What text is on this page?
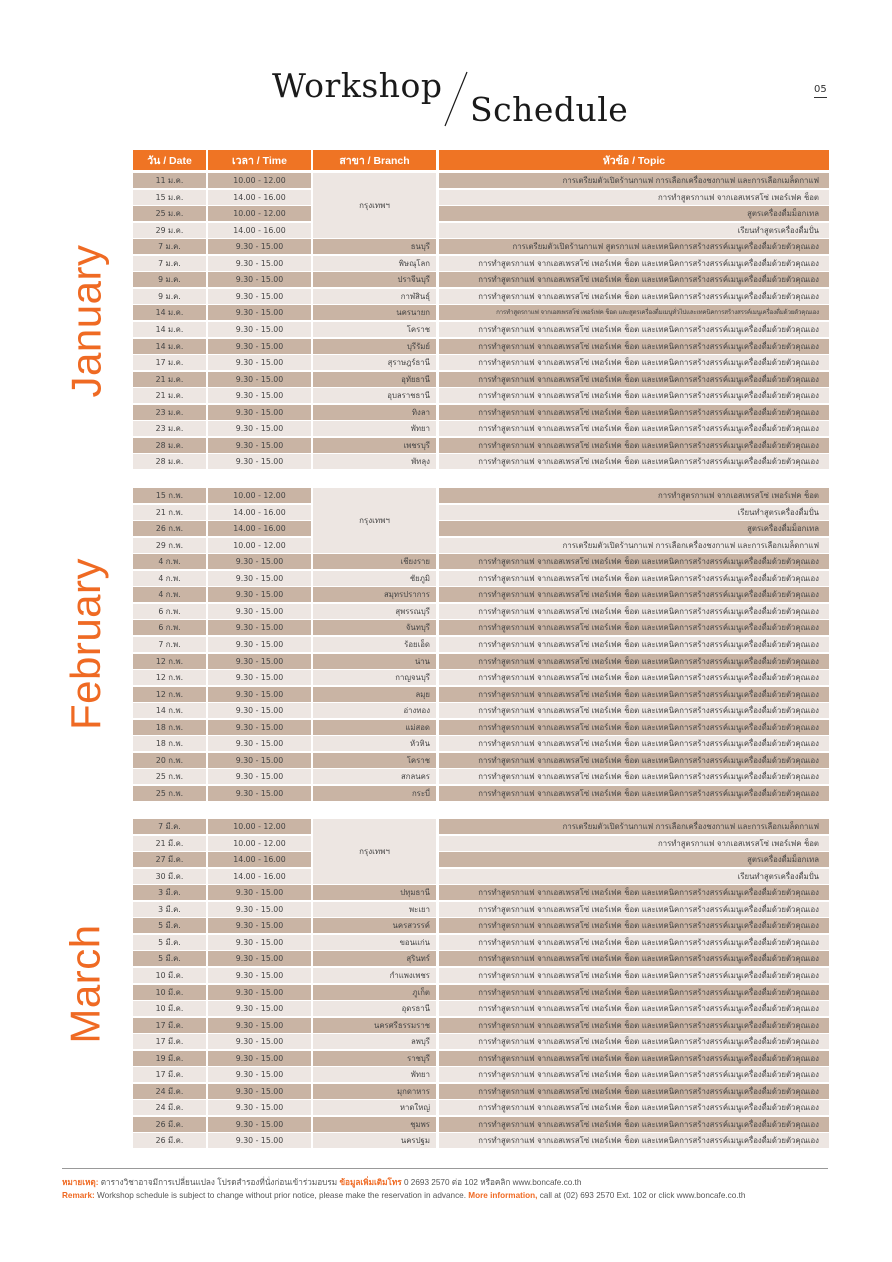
Workshop
Schedule
05
วัน / Date	เวลา / Time	สาขา / Branch	หัวข้อ / Topic
January
11 ม.ค.	10.00 - 12.00	การเตรียมตัวเปิดร้านกาแฟ การเลือกเครื่องชงกาแฟ และการเลือกเมล็ดกาแฟ
15 ม.ค.	14.00 - 16.00	การทำสูตรกาแฟ จากเอสเพรสโซ่ เพอร์เฟค ช็อต
25 ม.ค.	10.00 - 12.00	สูตรเครื่องดื่มม็อกเทล
29 ม.ค.	14.00 - 16.00	เรียนทำสูตรเครื่องดื่มปั่น
7 ม.ค.	9.30 - 15.00	ธนบุรี	การเตรียมตัวเปิดร้านกาแฟ สูตรกาแฟ และเทคนิคการสร้างสรรค์เมนูเครื่องดื่มด้วยตัวคุณเอง
7 ม.ค.	9.30 - 15.00	พิษณุโลก	การทำสูตรกาแฟ จากเอสเพรสโซ่ เพอร์เฟค ช็อต และเทคนิคการสร้างสรรค์เมนูเครื่องดื่มด้วยตัวคุณเอง
9 ม.ค.	9.30 - 15.00	ปราจีนบุรี	การทำสูตรกาแฟ จากเอสเพรสโซ่ เพอร์เฟค ช็อต และเทคนิคการสร้างสรรค์เมนูเครื่องดื่มด้วยตัวคุณเอง
9 ม.ค.	9.30 - 15.00	กาฬสินธุ์	การทำสูตรกาแฟ จากเอสเพรสโซ่ เพอร์เฟค ช็อต และเทคนิคการสร้างสรรค์เมนูเครื่องดื่มด้วยตัวคุณเอง
14 ม.ค.	9.30 - 15.00	นครนายก	การทำสูตรกาแฟ จากเอสเพรสโซ่ เพอร์เฟค ช็อต และสูตรเครื่องดื่มเมนูทั่วไปและเทคนิคการสร้างสรรค์เมนูเครื่องดื่มด้วยตัวคุณเอง
14 ม.ค.	9.30 - 15.00	โคราช	การทำสูตรกาแฟ จากเอสเพรสโซ่ เพอร์เฟค ช็อต และเทคนิคการสร้างสรรค์เมนูเครื่องดื่มด้วยตัวคุณเอง
14 ม.ค.	9.30 - 15.00	บุรีรัมย์	การทำสูตรกาแฟ จากเอสเพรสโซ่ เพอร์เฟค ช็อต และเทคนิคการสร้างสรรค์เมนูเครื่องดื่มด้วยตัวคุณเอง
17 ม.ค.	9.30 - 15.00	สุราษฎร์ธานี	การทำสูตรกาแฟ จากเอสเพรสโซ่ เพอร์เฟค ช็อต และเทคนิคการสร้างสรรค์เมนูเครื่องดื่มด้วยตัวคุณเอง
21 ม.ค.	9.30 - 15.00	อุทัยธานี	การทำสูตรกาแฟ จากเอสเพรสโซ่ เพอร์เฟค ช็อต และเทคนิคการสร้างสรรค์เมนูเครื่องดื่มด้วยตัวคุณเอง
21 ม.ค.	9.30 - 15.00	อุบลราชธานี	การทำสูตรกาแฟ จากเอสเพรสโซ่ เพอร์เฟค ช็อต และเทคนิคการสร้างสรรค์เมนูเครื่องดื่มด้วยตัวคุณเอง
23 ม.ค.	9.30 - 15.00	ทิงลา	การทำสูตรกาแฟ จากเอสเพรสโซ่ เพอร์เฟค ช็อต และเทคนิคการสร้างสรรค์เมนูเครื่องดื่มด้วยตัวคุณเอง
23 ม.ค.	9.30 - 15.00	พัทยา	การทำสูตรกาแฟ จากเอสเพรสโซ่ เพอร์เฟค ช็อต และเทคนิคการสร้างสรรค์เมนูเครื่องดื่มด้วยตัวคุณเอง
28 ม.ค.	9.30 - 15.00	เพชรบุรี	การทำสูตรกาแฟ จากเอสเพรสโซ่ เพอร์เฟค ช็อต และเทคนิคการสร้างสรรค์เมนูเครื่องดื่มด้วยตัวคุณเอง
28 ม.ค.	9.30 - 15.00	พัทลุง	การทำสูตรกาแฟ จากเอสเพรสโซ่ เพอร์เฟค ช็อต และเทคนิคการสร้างสรรค์เมนูเครื่องดื่มด้วยตัวคุณเอง
กรุงเทพฯ
February
15 ก.พ.	10.00 - 12.00	การทำสูตรกาแฟ จากเอสเพรสโซ่ เพอร์เฟค ช็อต
21 ก.พ.	14.00 - 16.00	เรียนทำสูตรเครื่องดื่มปั่น
26 ก.พ.	14.00 - 16.00	สูตรเครื่องดื่มม็อกเทล
29 ก.พ.	10.00 - 12.00	การเตรียมตัวเปิดร้านกาแฟ การเลือกเครื่องชงกาแฟ และการเลือกเมล็ดกาแฟ
4 ก.พ.	9.30 - 15.00	เชียงราย	การทำสูตรกาแฟ จากเอสเพรสโซ่ เพอร์เฟค ช็อต และเทคนิคการสร้างสรรค์เมนูเครื่องดื่มด้วยตัวคุณเอง
4 ก.พ.	9.30 - 15.00	ชัยภูมิ	การทำสูตรกาแฟ จากเอสเพรสโซ่ เพอร์เฟค ช็อต และเทคนิคการสร้างสรรค์เมนูเครื่องดื่มด้วยตัวคุณเอง
4 ก.พ.	9.30 - 15.00	สมุทรปราการ	การทำสูตรกาแฟ จากเอสเพรสโซ่ เพอร์เฟค ช็อต และเทคนิคการสร้างสรรค์เมนูเครื่องดื่มด้วยตัวคุณเอง
6 ก.พ.	9.30 - 15.00	สุพรรณบุรี	การทำสูตรกาแฟ จากเอสเพรสโซ่ เพอร์เฟค ช็อต และเทคนิคการสร้างสรรค์เมนูเครื่องดื่มด้วยตัวคุณเอง
6 ก.พ.	9.30 - 15.00	จันทบุรี	การทำสูตรกาแฟ จากเอสเพรสโซ่ เพอร์เฟค ช็อต และเทคนิคการสร้างสรรค์เมนูเครื่องดื่มด้วยตัวคุณเอง
7 ก.พ.	9.30 - 15.00	ร้อยเอ็ด	การทำสูตรกาแฟ จากเอสเพรสโซ่ เพอร์เฟค ช็อต และเทคนิคการสร้างสรรค์เมนูเครื่องดื่มด้วยตัวคุณเอง
12 ก.พ.	9.30 - 15.00	น่าน	การทำสูตรกาแฟ จากเอสเพรสโซ่ เพอร์เฟค ช็อต และเทคนิคการสร้างสรรค์เมนูเครื่องดื่มด้วยตัวคุณเอง
12 ก.พ.	9.30 - 15.00	กาญจนบุรี	การทำสูตรกาแฟ จากเอสเพรสโซ่ เพอร์เฟค ช็อต และเทคนิคการสร้างสรรค์เมนูเครื่องดื่มด้วยตัวคุณเอง
12 ก.พ.	9.30 - 15.00	ลมุย	การทำสูตรกาแฟ จากเอสเพรสโซ่ เพอร์เฟค ช็อต และเทคนิคการสร้างสรรค์เมนูเครื่องดื่มด้วยตัวคุณเอง
14 ก.พ.	9.30 - 15.00	อ่างทอง	การทำสูตรกาแฟ จากเอสเพรสโซ่ เพอร์เฟค ช็อต และเทคนิคการสร้างสรรค์เมนูเครื่องดื่มด้วยตัวคุณเอง
18 ก.พ.	9.30 - 15.00	แม่สอด	การทำสูตรกาแฟ จากเอสเพรสโซ่ เพอร์เฟค ช็อต และเทคนิคการสร้างสรรค์เมนูเครื่องดื่มด้วยตัวคุณเอง
18 ก.พ.	9.30 - 15.00	หัวหิน	การทำสูตรกาแฟ จากเอสเพรสโซ่ เพอร์เฟค ช็อต และเทคนิคการสร้างสรรค์เมนูเครื่องดื่มด้วยตัวคุณเอง
20 ก.พ.	9.30 - 15.00	โคราช	การทำสูตรกาแฟ จากเอสเพรสโซ่ เพอร์เฟค ช็อต และเทคนิคการสร้างสรรค์เมนูเครื่องดื่มด้วยตัวคุณเอง
25 ก.พ.	9.30 - 15.00	สกลนคร	การทำสูตรกาแฟ จากเอสเพรสโซ่ เพอร์เฟค ช็อต และเทคนิคการสร้างสรรค์เมนูเครื่องดื่มด้วยตัวคุณเอง
25 ก.พ.	9.30 - 15.00	กระบี่	การทำสูตรกาแฟ จากเอสเพรสโซ่ เพอร์เฟค ช็อต และเทคนิคการสร้างสรรค์เมนูเครื่องดื่มด้วยตัวคุณเอง
กรุงเทพฯ
March
7 มี.ค.	10.00 - 12.00	การเตรียมตัวเปิดร้านกาแฟ การเลือกเครื่องชงกาแฟ และการเลือกเมล็ดกาแฟ
21 มี.ค.	10.00 - 12.00	การทำสูตรกาแฟ จากเอสเพรสโซ่ เพอร์เฟค ช็อต
27 มี.ค.	14.00 - 16.00	สูตรเครื่องดื่มม็อกเทล
30 มี.ค.	14.00 - 16.00	เรียนทำสูตรเครื่องดื่มปั่น
3 มี.ค.	9.30 - 15.00	ปทุมธานี	การทำสูตรกาแฟ จากเอสเพรสโซ่ เพอร์เฟค ช็อต และเทคนิคการสร้างสรรค์เมนูเครื่องดื่มด้วยตัวคุณเอง
3 มี.ค.	9.30 - 15.00	พะเยา	การทำสูตรกาแฟ จากเอสเพรสโซ่ เพอร์เฟค ช็อต และเทคนิคการสร้างสรรค์เมนูเครื่องดื่มด้วยตัวคุณเอง
5 มี.ค.	9.30 - 15.00	นครสวรรค์	การทำสูตรกาแฟ จากเอสเพรสโซ่ เพอร์เฟค ช็อต และเทคนิคการสร้างสรรค์เมนูเครื่องดื่มด้วยตัวคุณเอง
5 มี.ค.	9.30 - 15.00	ขอนแก่น	การทำสูตรกาแฟ จากเอสเพรสโซ่ เพอร์เฟค ช็อต และเทคนิคการสร้างสรรค์เมนูเครื่องดื่มด้วยตัวคุณเอง
5 มี.ค.	9.30 - 15.00	สุรินทร์	การทำสูตรกาแฟ จากเอสเพรสโซ่ เพอร์เฟค ช็อต และเทคนิคการสร้างสรรค์เมนูเครื่องดื่มด้วยตัวคุณเอง
10 มี.ค.	9.30 - 15.00	กำแพงเพชร	การทำสูตรกาแฟ จากเอสเพรสโซ่ เพอร์เฟค ช็อต และเทคนิคการสร้างสรรค์เมนูเครื่องดื่มด้วยตัวคุณเอง
10 มี.ค.	9.30 - 15.00	ภูเก็ต	การทำสูตรกาแฟ จากเอสเพรสโซ่ เพอร์เฟค ช็อต และเทคนิคการสร้างสรรค์เมนูเครื่องดื่มด้วยตัวคุณเอง
10 มี.ค.	9.30 - 15.00	อุดรธานี	การทำสูตรกาแฟ จากเอสเพรสโซ่ เพอร์เฟค ช็อต และเทคนิคการสร้างสรรค์เมนูเครื่องดื่มด้วยตัวคุณเอง
17 มี.ค.	9.30 - 15.00	นครศรีธรรมราช	การทำสูตรกาแฟ จากเอสเพรสโซ่ เพอร์เฟค ช็อต และเทคนิคการสร้างสรรค์เมนูเครื่องดื่มด้วยตัวคุณเอง
17 มี.ค.	9.30 - 15.00	ลพบุรี	การทำสูตรกาแฟ จากเอสเพรสโซ่ เพอร์เฟค ช็อต และเทคนิคการสร้างสรรค์เมนูเครื่องดื่มด้วยตัวคุณเอง
19 มี.ค.	9.30 - 15.00	ราชบุรี	การทำสูตรกาแฟ จากเอสเพรสโซ่ เพอร์เฟค ช็อต และเทคนิคการสร้างสรรค์เมนูเครื่องดื่มด้วยตัวคุณเอง
17 มี.ค.	9.30 - 15.00	พัทยา	การทำสูตรกาแฟ จากเอสเพรสโซ่ เพอร์เฟค ช็อต และเทคนิคการสร้างสรรค์เมนูเครื่องดื่มด้วยตัวคุณเอง
24 มี.ค.	9.30 - 15.00	มุกดาหาร	การทำสูตรกาแฟ จากเอสเพรสโซ่ เพอร์เฟค ช็อต และเทคนิคการสร้างสรรค์เมนูเครื่องดื่มด้วยตัวคุณเอง
24 มี.ค.	9.30 - 15.00	หาดใหญ่	การทำสูตรกาแฟ จากเอสเพรสโซ่ เพอร์เฟค ช็อต และเทคนิคการสร้างสรรค์เมนูเครื่องดื่มด้วยตัวคุณเอง
26 มี.ค.	9.30 - 15.00	ชุมพร	การทำสูตรกาแฟ จากเอสเพรสโซ่ เพอร์เฟค ช็อต และเทคนิคการสร้างสรรค์เมนูเครื่องดื่มด้วยตัวคุณเอง
26 มี.ค.	9.30 - 15.00	นครปฐม	การทำสูตรกาแฟ จากเอสเพรสโซ่ เพอร์เฟค ช็อต และเทคนิคการสร้างสรรค์เมนูเครื่องดื่มด้วยตัวคุณเอง
กรุงเทพฯ
หมายเหตุ: ตารางวิชาอาจมีการเปลี่ยนแปลง โปรดสำรองที่นั่งก่อนเข้าร่วมอบรม ข้อมูลเพิ่มเติมโทร 0 2693 2570 ต่อ 102 หรือคลิก www.boncafe.co.th
Remark: Workshop schedule is subject to change without prior notice, please make the reservation in advance. More information, call at (02) 693 2570 Ext. 102 or click www.boncafe.co.th
